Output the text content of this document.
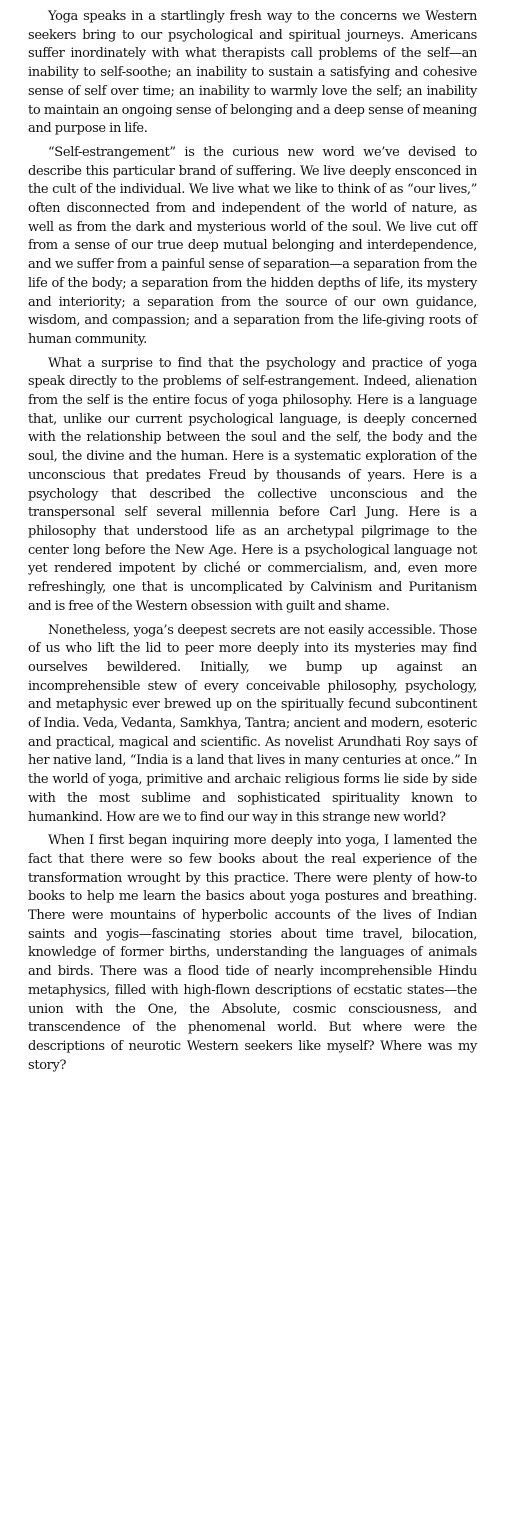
Yoga speaks in a startlingly fresh way to the concerns we Western seekers bring to our psychological and spiritual journeys. Americans suffer inordinately with what therapists call problems of the self—an inability to self-soothe; an inability to sustain a satisfying and cohesive sense of self over time; an inability to warmly love the self; an inability to maintain an ongoing sense of belonging and a deep sense of meaning and purpose in life.

“Self-estrangement” is the curious new word we’ve devised to describe this particular brand of suffering. We live deeply ensconced in the cult of the individual. We live what we like to think of as “our lives,” often disconnected from and independent of the world of nature, as well as from the dark and mysterious world of the soul. We live cut off from a sense of our true deep mutual belonging and interdependence, and we suffer from a painful sense of separation—a separation from the life of the body; a separation from the hidden depths of life, its mystery and interiority; a separation from the source of our own guidance, wisdom, and compassion; and a separation from the life-giving roots of human community.

What a surprise to find that the psychology and practice of yoga speak directly to the problems of self-estrangement. Indeed, alienation from the self is the entire focus of yoga philosophy. Here is a language that, unlike our current psychological language, is deeply concerned with the relationship between the soul and the self, the body and the soul, the divine and the human. Here is a systematic exploration of the unconscious that predates Freud by thousands of years. Here is a psychology that described the collective unconscious and the transpersonal self several millennia before Carl Jung. Here is a philosophy that understood life as an archetypal pilgrimage to the center long before the New Age. Here is a psychological language not yet rendered impotent by cliché or commercialism, and, even more refreshingly, one that is uncomplicated by Calvinism and Puritanism and is free of the Western obsession with guilt and shame.

Nonetheless, yoga’s deepest secrets are not easily accessible. Those of us who lift the lid to peer more deeply into its mysteries may find ourselves bewildered. Initially, we bump up against an incomprehensible stew of every conceivable philosophy, psychology, and metaphysic ever brewed up on the spiritually fecund subcontinent of India. Veda, Vedanta, Samkhya, Tantra; ancient and modern, esoteric and practical, magical and scientific. As novelist Arundhati Roy says of her native land, “India is a land that lives in many centuries at once.” In the world of yoga, primitive and archaic religious forms lie side by side with the most sublime and sophisticated spirituality known to humankind. How are we to find our way in this strange new world?

When I first began inquiring more deeply into yoga, I lamented the fact that there were so few books about the real experience of the transformation wrought by this practice. There were plenty of how-to books to help me learn the basics about yoga postures and breathing. There were mountains of hyperbolic accounts of the lives of Indian saints and yogis—fascinating stories about time travel, bilocation, knowledge of former births, understanding the languages of animals and birds. There was a flood tide of nearly incomprehensible Hindu metaphysics, filled with high-flown descriptions of ecstatic states—the union with the One, the Absolute, cosmic consciousness, and transcendence of the phenomenal world. But where were the descriptions of neurotic Western seekers like myself? Where was my story?
